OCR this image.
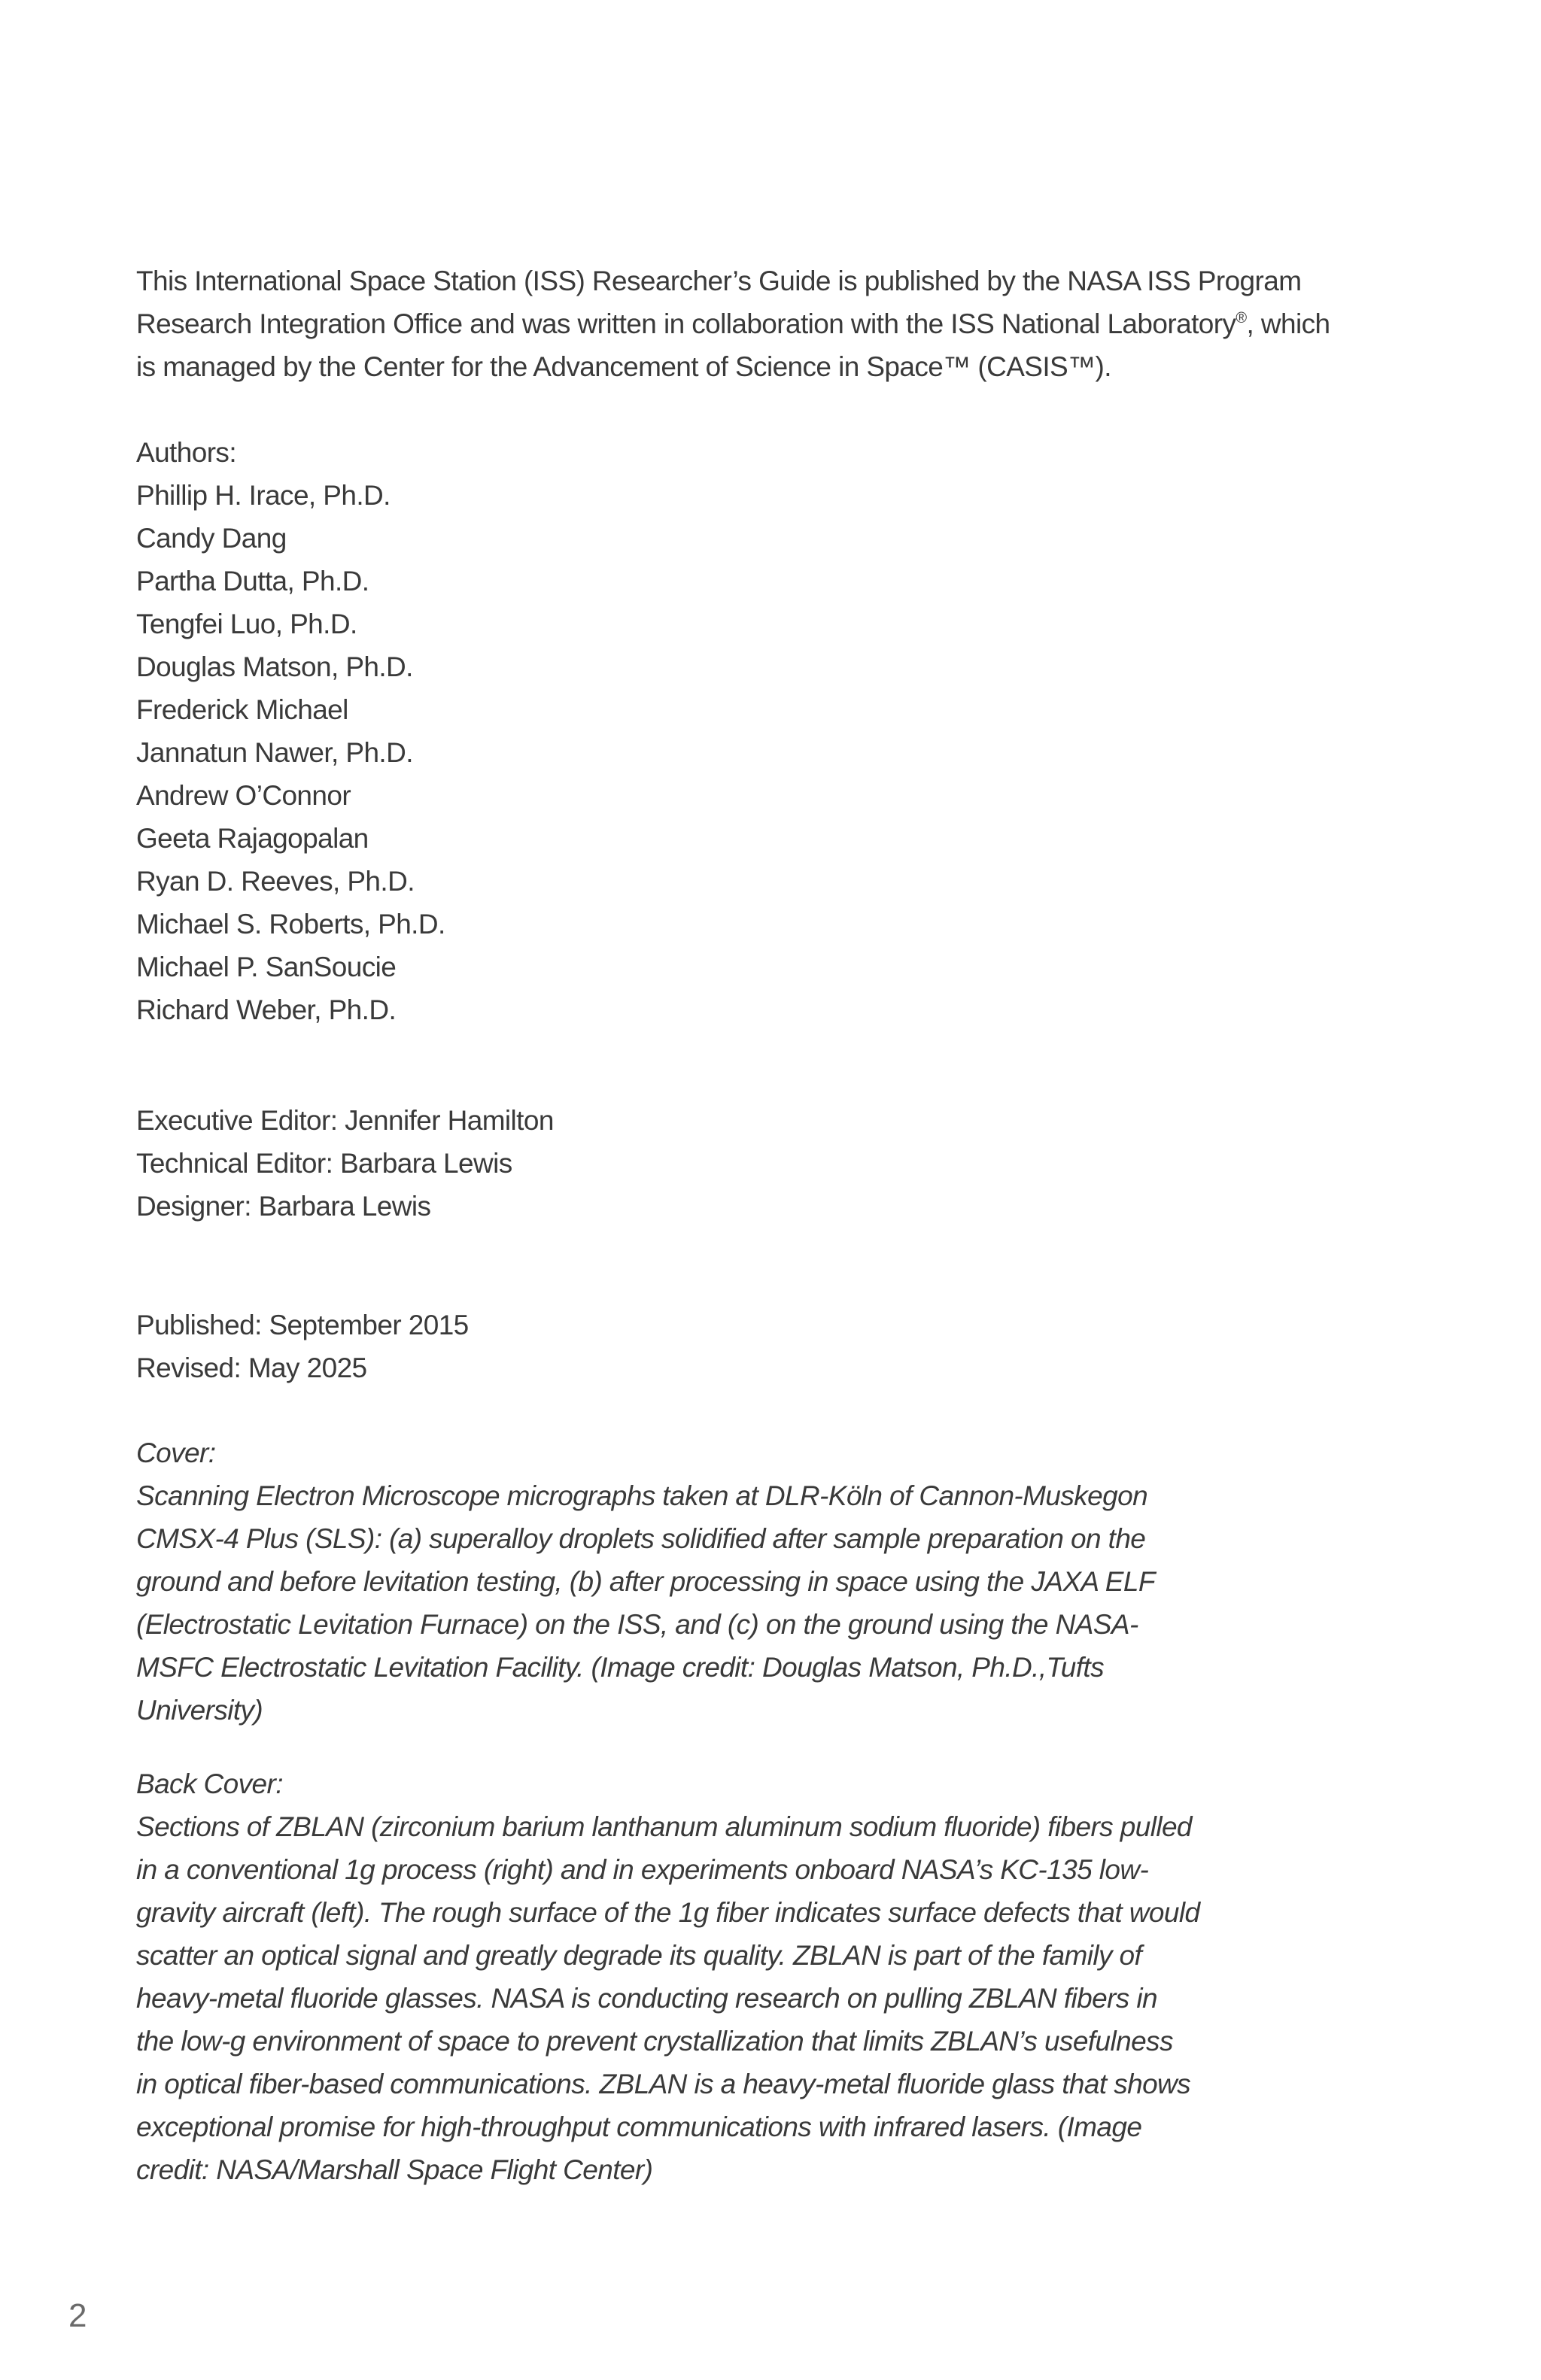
This International Space Station (ISS) Researcher’s Guide is published by the NASA ISS Program
Research Integration Office and was written in collaboration with the ISS National Laboratory®, which
is managed by the Center for the Advancement of Science in Space™ (CASIS™).
Authors:
Phillip H. Irace, Ph.D.
Candy Dang
Partha Dutta, Ph.D.
Tengfei Luo, Ph.D.
Douglas Matson, Ph.D.
Frederick Michael
Jannatun Nawer, Ph.D.
Andrew O’Connor
Geeta Rajagopalan
Ryan D. Reeves, Ph.D.
Michael S. Roberts, Ph.D.
Michael P. SanSoucie
Richard Weber, Ph.D.
Executive Editor: Jennifer Hamilton
Technical Editor: Barbara Lewis
Designer: Barbara Lewis
Published: September 2015
Revised: May 2025
Cover:
Scanning Electron Microscope micrographs taken at DLR-Köln of Cannon-Muskegon
CMSX-4 Plus (SLS): (a) superalloy droplets solidified after sample preparation on the
ground and before levitation testing, (b) after processing in space using the JAXA ELF
(Electrostatic Levitation Furnace) on the ISS, and (c) on the ground using the NASA-
MSFC Electrostatic Levitation Facility. (Image credit: Douglas Matson, Ph.D.,Tufts
University)
Back Cover:
Sections of ZBLAN (zirconium barium lanthanum aluminum sodium fluoride) fibers pulled
in a conventional 1g process (right) and in experiments onboard NASA’s KC-135 low-
gravity aircraft (left). The rough surface of the 1g fiber indicates surface defects that would
scatter an optical signal and greatly degrade its quality. ZBLAN is part of the family of
heavy-metal fluoride glasses. NASA is conducting research on pulling ZBLAN fibers in
the low-g environment of space to prevent crystallization that limits ZBLAN’s usefulness
in optical fiber-based communications. ZBLAN is a heavy-metal fluoride glass that shows
exceptional promise for high-throughput communications with infrared lasers. (Image
credit: NASA/Marshall Space Flight Center)
2
